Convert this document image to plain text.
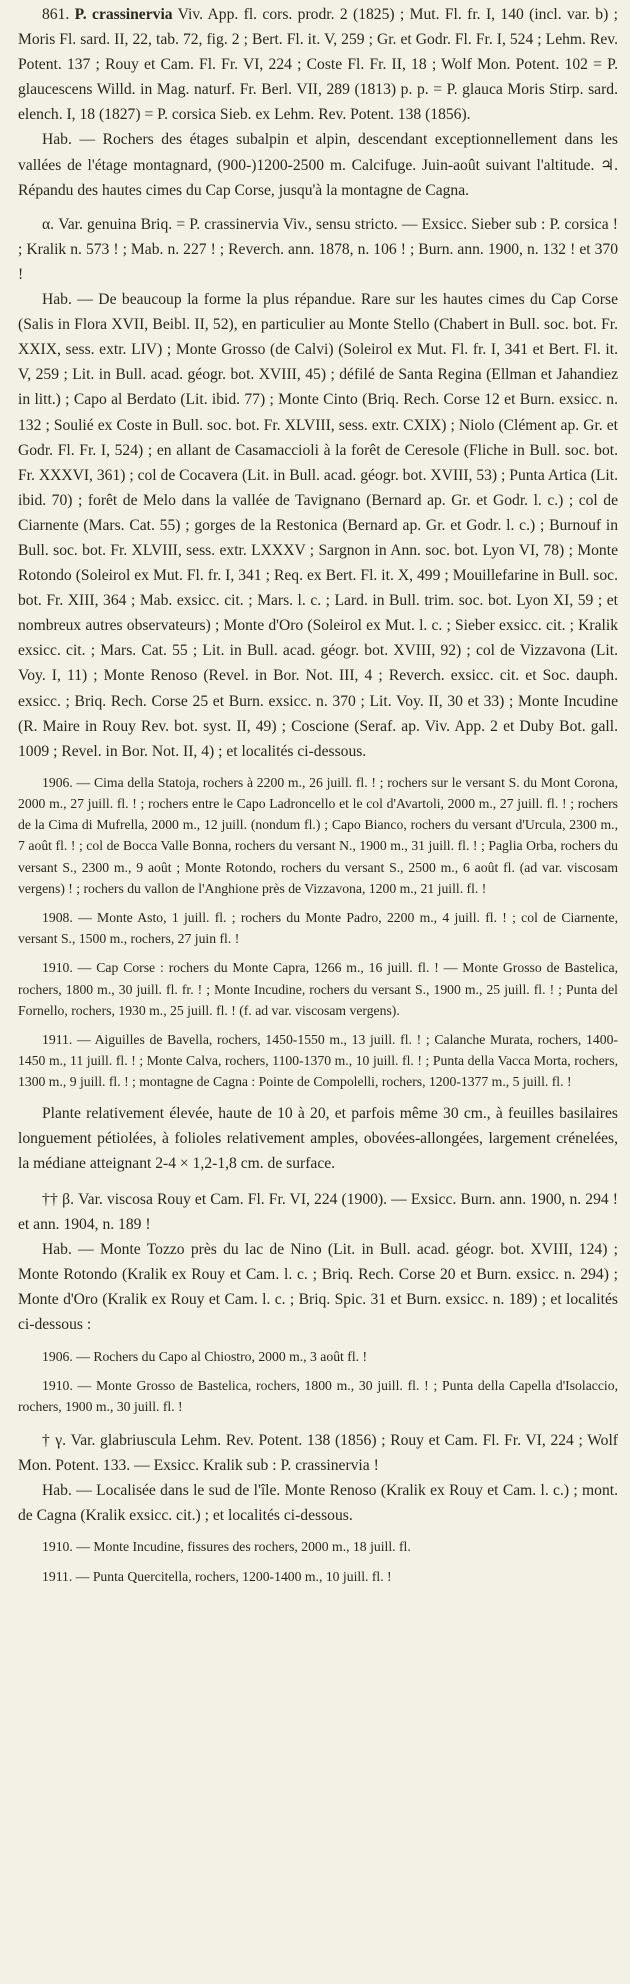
861. P. crassinervia Viv. App. fl. cors. prodr. 2 (1825) ; Mut. Fl. fr. I, 140 (incl. var. b) ; Moris Fl. sard. II, 22, tab. 72, fig. 2 ; Bert. Fl. it. V, 259 ; Gr. et Godr. Fl. Fr. I, 524 ; Lehm. Rev. Potent. 137 ; Rouy et Cam. Fl. Fr. VI, 224 ; Coste Fl. Fr. II, 18 ; Wolf Mon. Potent. 102 = P. glaucescens Willd. in Mag. naturf. Fr. Berl. VII, 289 (1813) p. p. = P. glauca Moris Stirp. sard. elench. I, 18 (1827) = P. corsica Sieb. ex Lehm. Rev. Potent. 138 (1856).

Hab. — Rochers des étages subalpin et alpin, descendant exceptionnellement dans les vallées de l'étage montagnard, (900-)1200-2500 m. Calcifuge. Juin-août suivant l'altitude. ♃. Répandu des hautes cimes du Cap Corse, jusqu'à la montagne de Cagna.

α. Var. genuina Briq. = P. crassinervia Viv., sensu stricto. — Exsicc. Sieber sub : P. corsica ! ; Kralik n. 573 ! ; Mab. n. 227 ! ; Reverch. ann. 1878, n. 106 ! ; Burn. ann. 1900, n. 132 ! et 370 !

Hab. — De beaucoup la forme la plus répandue. Rare sur les hautes cimes du Cap Corse (Salis in Flora XVII, Beibl. II, 52), en particulier au Monte Stello (Chabert in Bull. soc. bot. Fr. XXIX, sess. extr. LIV) ; Monte Grosso (de Calvi) (Soleirol ex Mut. Fl. fr. I, 341 et Bert. Fl. it. V, 259 ; Lit. in Bull. acad. géogr. bot. XVIII, 45) ; défilé de Santa Regina (Ellman et Jahandiez in litt.) ; Capo al Berdato (Lit. ibid. 77) ; Monte Cinto (Briq. Rech. Corse 12 et Burn. exsicc. n. 132 ; Soulié ex Coste in Bull. soc. bot. Fr. XLVIII, sess. extr. CXIX) ; Niolo (Clément ap. Gr. et Godr. Fl. Fr. I, 524) ; en allant de Casamaccioli à la forêt de Ceresole (Fliche in Bull. soc. bot. Fr. XXXVI, 361) ; col de Cocavera (Lit. in Bull. acad. géogr. bot. XVIII, 53) ; Punta Artica (Lit. ibid. 70) ; forêt de Melo dans la vallée de Tavignano (Bernard ap. Gr. et Godr. l. c.) ; col de Ciarnente (Mars. Cat. 55) ; gorges de la Restonica (Bernard ap. Gr. et Godr. l. c.) ; Burnouf in Bull. soc. bot. Fr. XLVIII, sess. extr. LXXXV ; Sargnon in Ann. soc. bot. Lyon VI, 78) ; Monte Rotondo (Soleirol ex Mut. Fl. fr. I, 341 ; Req. ex Bert. Fl. it. X, 499 ; Mouillefarine in Bull. soc. bot. Fr. XIII, 364 ; Mab. exsicc. cit. ; Mars. l. c. ; Lard. in Bull. trim. soc. bot. Lyon XI, 59 ; et nombreux autres observateurs) ; Monte d'Oro (Soleirol ex Mut. l. c. ; Sieber exsicc. cit. ; Kralik exsicc. cit. ; Mars. Cat. 55 ; Lit. in Bull. acad. géogr. bot. XVIII, 92) ; col de Vizzavona (Lit. Voy. I, 11) ; Monte Renoso (Revel. in Bor. Not. III, 4 ; Reverch. exsicc. cit. et Soc. dauph. exsicc. ; Briq. Rech. Corse 25 et Burn. exsicc. n. 370 ; Lit. Voy. II, 30 et 33) ; Monte Incudine (R. Maire in Rouy Rev. bot. syst. II, 49) ; Coscione (Seraf. ap. Viv. App. 2 et Duby Bot. gall. 1009 ; Revel. in Bor. Not. II, 4) ; et localités ci-dessous.

1906. — Cima della Statoja, rochers à 2200 m., 26 juill. fl. ! ; rochers sur le versant S. du Mont Corona, 2000 m., 27 juill. fl. ! ; rochers entre le Capo Ladroncello et le col d'Avartoli, 2000 m., 27 juill. fl. ! ; rochers de la Cima di Mufrella, 2000 m., 12 juill. (nondum fl.) ; Capo Bianco, rochers du versant d'Urcula, 2300 m., 7 août fl. ! ; col de Bocca Valle Bonna, rochers du versant N., 1900 m., 31 juill. fl. ! ; Paglia Orba, rochers du versant S., 2300 m., 9 août ; Monte Rotondo, rochers du versant S., 2500 m., 6 août fl. (ad var. viscosam vergens) ! ; rochers du vallon de l'Anghione près de Vizzavona, 1200 m., 21 juill. fl. !

1908. — Monte Asto, 1 juill. fl. ; rochers du Monte Padro, 2200 m., 4 juill. fl. ! ; col de Ciarnente, versant S., 1500 m., rochers, 27 juin fl. !

1910. — Cap Corse : rochers du Monte Capra, 1266 m., 16 juill. fl. ! — Monte Grosso de Bastelica, rochers, 1800 m., 30 juill. fl. fr. ! ; Monte Incudine, rochers du versant S., 1900 m., 25 juill. fl. ! ; Punta del Fornello, rochers, 1930 m., 25 juill. fl. ! (f. ad var. viscosam vergens).

1911. — Aiguilles de Bavella, rochers, 1450-1550 m., 13 juill. fl. ! ; Calanche Murata, rochers, 1400-1450 m., 11 juill. fl. ! ; Monte Calva, rochers, 1100-1370 m., 10 juill. fl. ! ; Punta della Vacca Morta, rochers, 1300 m., 9 juill. fl. ! ; montagne de Cagna : Pointe de Compolelli, rochers, 1200-1377 m., 5 juill. fl. !

Plante relativement élevée, haute de 10 à 20, et parfois même 30 cm., à feuilles basilaires longuement pétiolées, à folioles relativement amples, obovées-allongées, largement crénelées, la médiane atteignant 2-4 × 1,2-1,8 cm. de surface.

†† β. Var. viscosa Rouy et Cam. Fl. Fr. VI, 224 (1900). — Exsicc. Burn. ann. 1900, n. 294 ! et ann. 1904, n. 189 !

Hab. — Monte Tozzo près du lac de Nino (Lit. in Bull. acad. géogr. bot. XVIII, 124) ; Monte Rotondo (Kralik ex Rouy et Cam. l. c. ; Briq. Rech. Corse 20 et Burn. exsicc. n. 294) ; Monte d'Oro (Kralik ex Rouy et Cam. l. c. ; Briq. Spic. 31 et Burn. exsicc. n. 189) ; et localités ci-dessous :

1906. — Rochers du Capo al Chiostro, 2000 m., 3 août fl. !

1910. — Monte Grosso de Bastelica, rochers, 1800 m., 30 juill. fl. ! ; Punta della Capella d'Isolaccio, rochers, 1900 m., 30 juill. fl. !

† γ. Var. glabriuscula Lehm. Rev. Potent. 138 (1856) ; Rouy et Cam. Fl. Fr. VI, 224 ; Wolf Mon. Potent. 133. — Exsicc. Kralik sub : P. crassinervia !

Hab. — Localisée dans le sud de l'île. Monte Renoso (Kralik ex Rouy et Cam. l. c.) ; mont. de Cagna (Kralik exsicc. cit.) ; et localités ci-dessous.

1910. — Monte Incudine, fissures des rochers, 2000 m., 18 juill. fl.

1911. — Punta Quercitella, rochers, 1200-1400 m., 10 juill. fl. !
